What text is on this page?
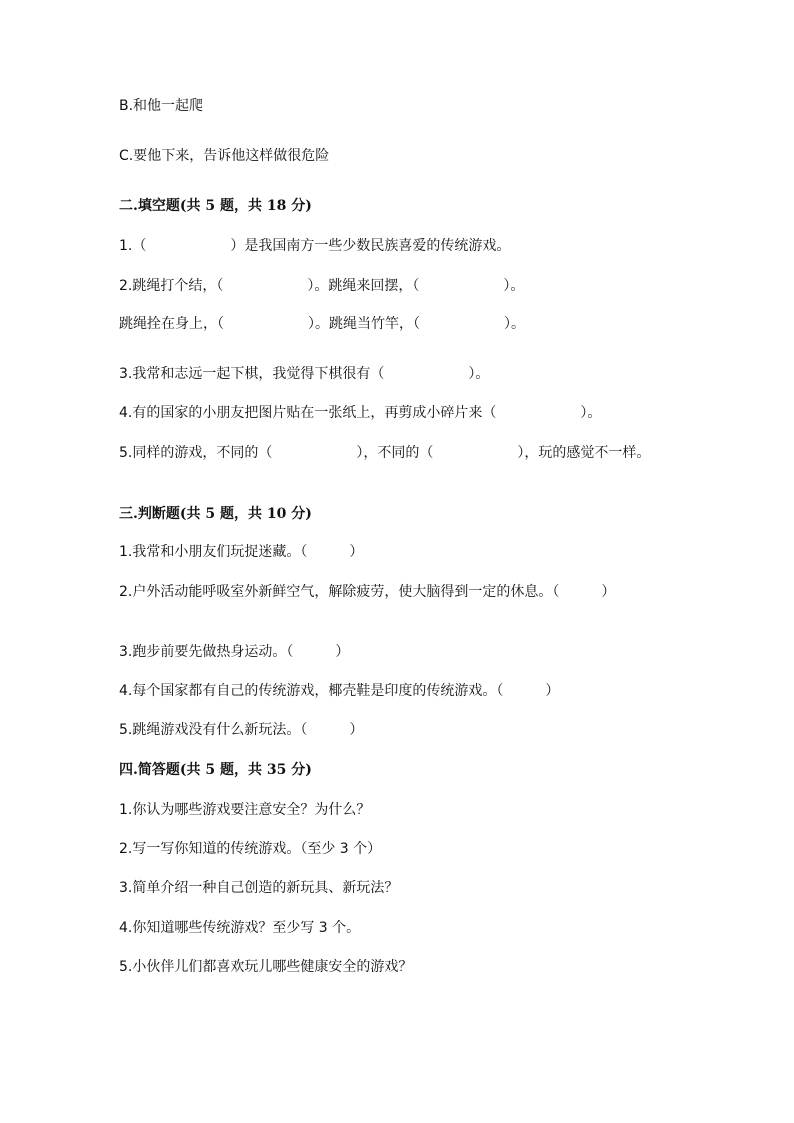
B.和他一起爬
C.要他下来，告诉他这样做很危险
二.填空题(共 5 题，共 18 分)
1.（　　　　　　）是我国南方一些少数民族喜爱的传统游戏。
2.跳绳打个结，（　　　　　　）。跳绳来回摆，（　　　　　　）。
跳绳拴在身上，（　　　　　　）。跳绳当竹竿，（　　　　　　）。
3.我常和志远一起下棋，我觉得下棋很有（　　　　　　）。
4.有的国家的小朋友把图片贴在一张纸上，再剪成小碎片来（　　　　　　）。
5.同样的游戏，不同的（　　　　　　），不同的（　　　　　　），玩的感觉不一样。
三.判断题(共 5 题，共 10 分)
1.我常和小朋友们玩捉迷藏。（　　　）
2.户外活动能呼吸室外新鲜空气，解除疲劳，使大脑得到一定的休息。（　　　）
3.跑步前要先做热身运动。（　　　）
4.每个国家都有自己的传统游戏，椰壳鞋是印度的传统游戏。（　　　）
5.跳绳游戏没有什么新玩法。（　　　）
四.简答题(共 5 题，共 35 分)
1.你认为哪些游戏要注意安全？为什么？
2.写一写你知道的传统游戏。（至少 3 个）
3.简单介绍一种自己创造的新玩具、新玩法？
4.你知道哪些传统游戏？至少写 3 个。
5.小伙伴儿们都喜欢玩儿哪些健康安全的游戏？
